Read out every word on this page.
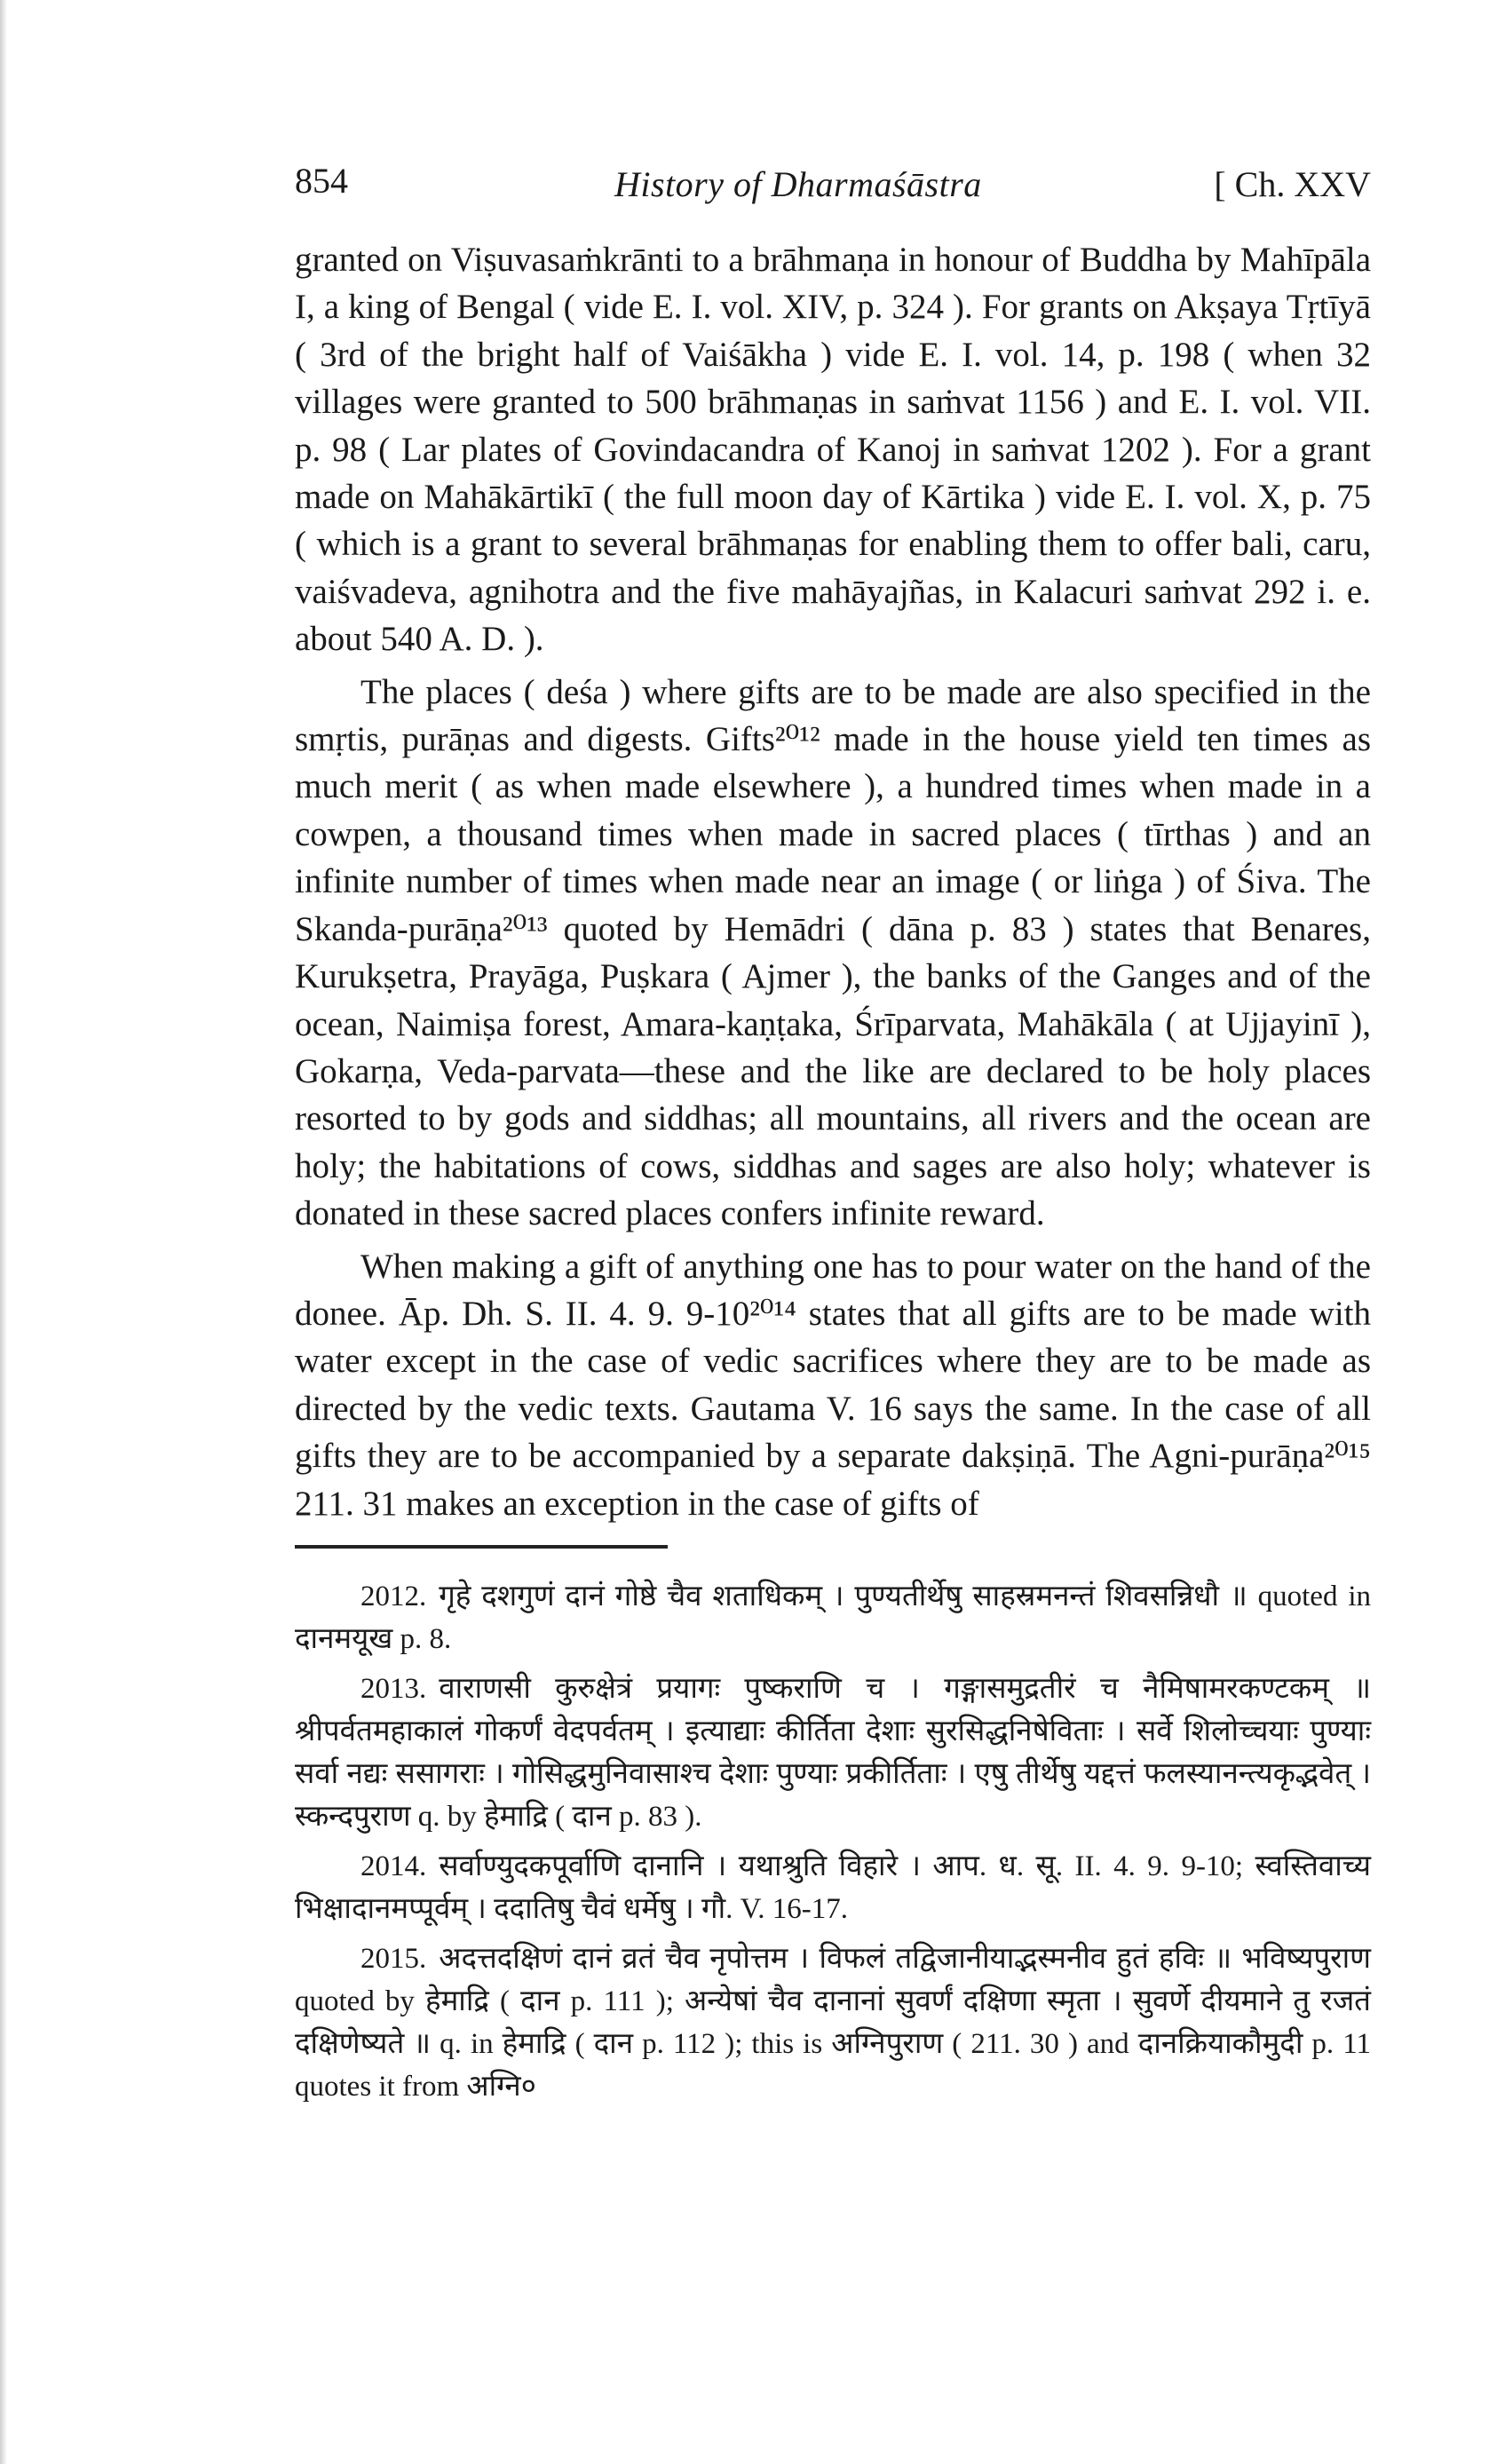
854	History of Dharmaśāstra	[ Ch. XXV

granted on Viṣuvasaṁkrānti to a brāhmaṇa in honour of Buddha by Mahīpāla I, a king of Bengal ( vide E. I. vol. XIV, p. 324 ). For grants on Akṣaya Tṛtīyā ( 3rd of the bright half of Vaiśākha ) vide E. I. vol. 14, p. 198 ( when 32 villages were granted to 500 brāhmaṇas in saṁvat 1156 ) and E. I. vol. VII. p. 98 ( Lar plates of Govindacandra of Kanoj in saṁvat 1202 ). For a grant made on Mahākārtikī ( the full moon day of Kārtika ) vide E. I. vol. X, p. 75 ( which is a grant to several brāhmaṇas for enabling them to offer bali, caru, vaiśvadeva, agnihotra and the five mahāyajñas, in Kalacuri saṁvat 292 i. e. about 540 A. D. ).

The places ( deśa ) where gifts are to be made are also specified in the smṛtis, purāṇas and digests. Gifts²⁰¹² made in the house yield ten times as much merit ( as when made elsewhere ), a hundred times when made in a cowpen, a thousand times when made in sacred places ( tīrthas ) and an infinite number of times when made near an image ( or liṅga ) of Śiva. The Skanda-purāṇa²⁰¹³ quoted by Hemādri ( dāna p. 83 ) states that Benares, Kurukṣetra, Prayāga, Puṣkara ( Ajmer ), the banks of the Ganges and of the ocean, Naimiṣa forest, Amara-kaṇṭaka, Śrīparvata, Mahākāla ( at Ujjayinī ), Gokarṇa, Veda-parvata—these and the like are declared to be holy places resorted to by gods and siddhas; all mountains, all rivers and the ocean are holy; the habitations of cows, siddhas and sages are also holy; whatever is donated in these sacred places confers infinite reward.

When making a gift of anything one has to pour water on the hand of the donee. Āp. Dh. S. II. 4. 9. 9-10²⁰¹⁴ states that all gifts are to be made with water except in the case of vedic sacrifices where they are to be made as directed by the vedic texts. Gautama V. 16 says the same. In the case of all gifts they are to be accompanied by a separate dakṣiṇā. The Agni-purāṇa²⁰¹⁵ 211. 31 makes an exception in the case of gifts of

2012. गृहे दशगुणं दानं गोष्ठे चैव शताधिकम् । पुण्यतीर्थेषु साहस्रमनन्तं शिवसन्निधौ ॥ quoted in दानमयूख p. 8.

2013. वाराणसी कुरुक्षेत्रं प्रयागः पुष्कराणि च । गङ्गासमुद्रतीरं च नैमिषामरकण्टकम् ॥ श्रीपर्वतमहाकालं गोकर्णं वेदपर्वतम् । इत्याद्याः कीर्तिता देशाः सुरसिद्धनिषेविताः । सर्वे शिलोच्चयाः पुण्याः सर्वा नद्यः ससागराः । गोसिद्धमुनिवासाश्च देशाः पुण्याः प्रकीर्तिताः । एषु तीर्थेषु यद्दत्तं फलस्यानन्त्यकृद्भवेत् । स्कन्दपुराण q. by हेमाद्रि ( दान p. 83 ).

2014. सर्वाण्युदकपूर्वाणि दानानि । यथाश्रुति विहारे । आप. ध. सू. II. 4. 9. 9-10; स्वस्तिवाच्य भिक्षादानमप्पूर्वम् । ददातिषु चैवं धर्मेषु । गौ. V. 16-17.

2015. अदत्तदक्षिणं दानं व्रतं चैव नृपोत्तम । विफलं तद्विजानीयाद्भस्मनीव हुतं हविः ॥ भविष्यपुराण quoted by हेमाद्रि ( दान p. 111 ); अन्येषां चैव दानानां सुवर्णं दक्षिणा स्मृता । सुवर्णे दीयमाने तु रजतं दक्षिणेष्यते ॥ q. in हेमाद्रि ( दान p. 112 ); this is अग्निपुराण ( 211. 30 ) and दानक्रियाकौमुदी p. 11 quotes it from अग्नि०
